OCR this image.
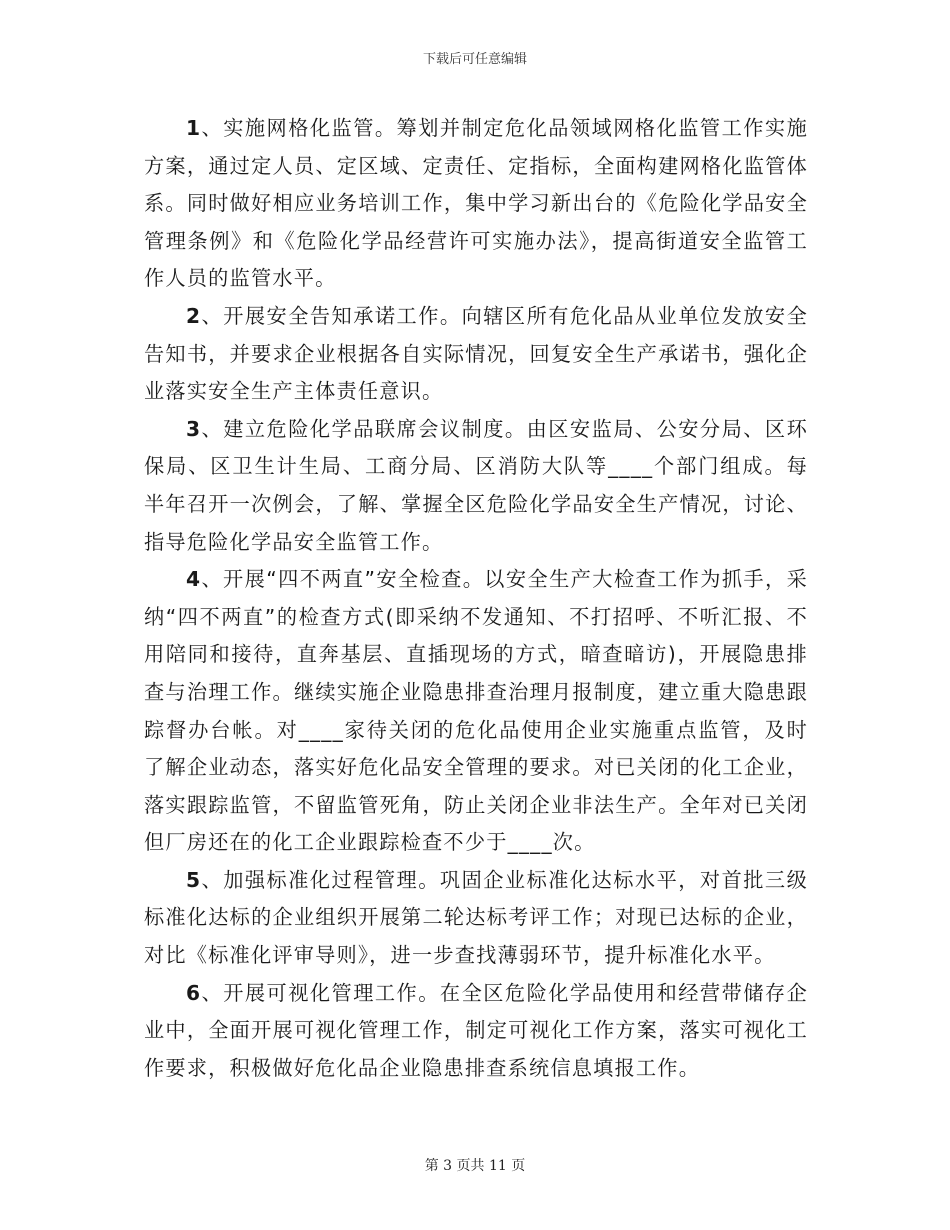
下载后可任意编辑

1、实施网格化监管。筹划并制定危化品领域网格化监管工作实施方案，通过定人员、定区域、定责任、定指标，全面构建网格化监管体系。同时做好相应业务培训工作，集中学习新出台的《危险化学品安全管理条例》和《危险化学品经营许可实施办法》，提高街道安全监管工作人员的监管水平。

2、开展安全告知承诺工作。向辖区所有危化品从业单位发放安全告知书，并要求企业根据各自实际情况，回复安全生产承诺书，强化企业落实安全生产主体责任意识。

3、建立危险化学品联席会议制度。由区安监局、公安分局、区环保局、区卫生计生局、工商分局、区消防大队等____个部门组成。每半年召开一次例会，了解、掌握全区危险化学品安全生产情况，讨论、指导危险化学品安全监管工作。

4、开展“四不两直”安全检查。以安全生产大检查工作为抓手，采纳“四不两直”的检查方式(即采纳不发通知、不打招呼、不听汇报、不用陪同和接待，直奔基层、直插现场的方式，暗查暗访)，开展隐患排查与治理工作。继续实施企业隐患排查治理月报制度，建立重大隐患跟踪督办台帐。对____家待关闭的危化品使用企业实施重点监管，及时了解企业动态，落实好危化品安全管理的要求。对已关闭的化工企业，落实跟踪监管，不留监管死角，防止关闭企业非法生产。全年对已关闭但厂房还在的化工企业跟踪检查不少于____次。

5、加强标准化过程管理。巩固企业标准化达标水平，对首批三级标准化达标的企业组织开展第二轮达标考评工作；对现已达标的企业，对比《标准化评审导则》，进一步查找薄弱环节，提升标准化水平。

6、开展可视化管理工作。在全区危险化学品使用和经营带储存企业中，全面开展可视化管理工作，制定可视化工作方案，落实可视化工作要求，积极做好危化品企业隐患排查系统信息填报工作。

第 3 页共 11 页
